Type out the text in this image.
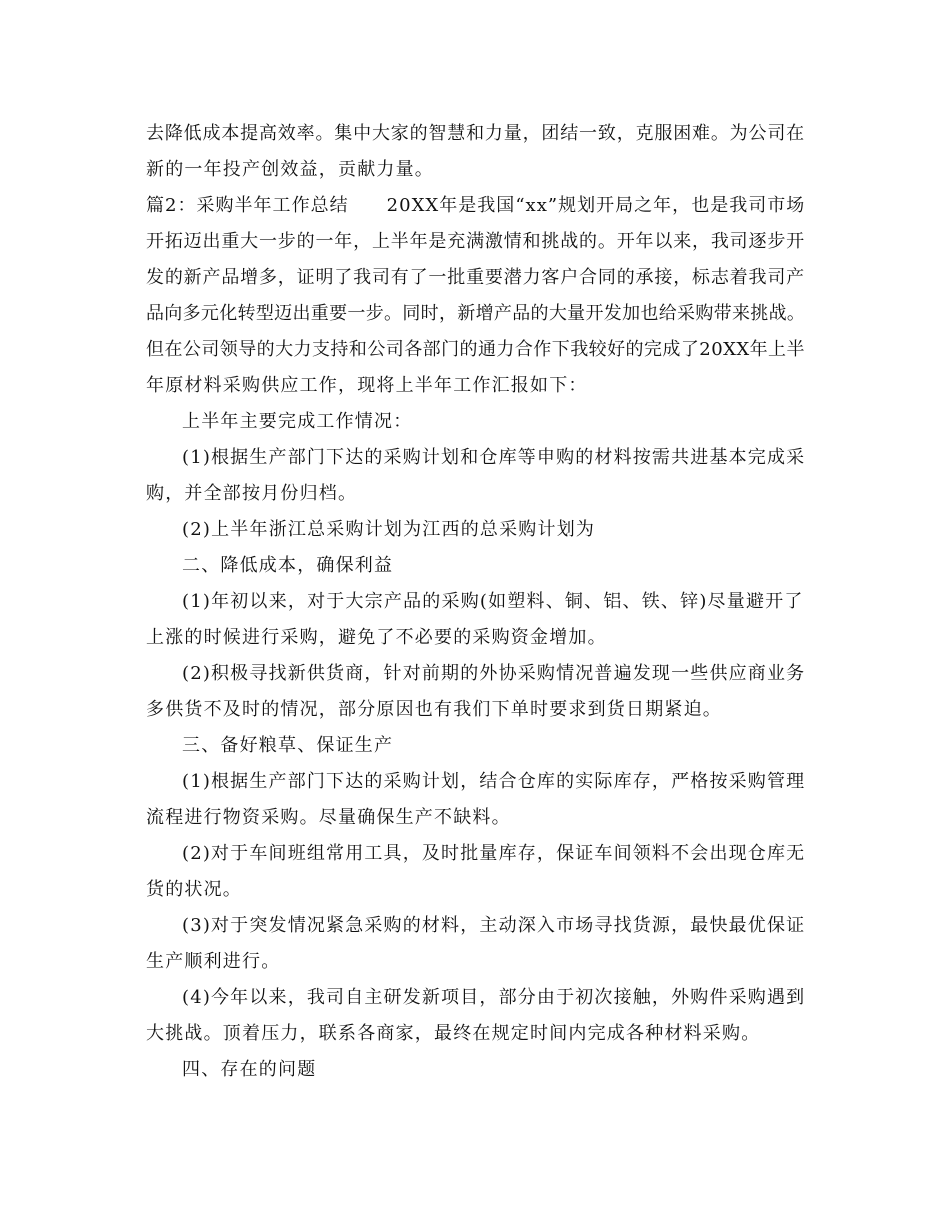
去降低成本提高效率。集中大家的智慧和力量，团结一致，克服困难。为公司在
新的一年投产创效益，贡献力量。
篇2：采购半年工作总结　　20XX年是我国“xx”规划开局之年，也是我司市场
开拓迈出重大一步的一年，上半年是充满激情和挑战的。开年以来，我司逐步开
发的新产品增多，证明了我司有了一批重要潜力客户合同的承接，标志着我司产
品向多元化转型迈出重要一步。同时，新增产品的大量开发加也给采购带来挑战。
但在公司领导的大力支持和公司各部门的通力合作下我较好的完成了20XX年上半
年原材料采购供应工作，现将上半年工作汇报如下：
上半年主要完成工作情况：
(1)根据生产部门下达的采购计划和仓库等申购的材料按需共进基本完成采
购，并全部按月份归档。
(2)上半年浙江总采购计划为江西的总采购计划为
二、降低成本，确保利益
(1)年初以来，对于大宗产品的采购(如塑料、铜、铝、铁、锌)尽量避开了
上涨的时候进行采购，避免了不必要的采购资金增加。
(2)积极寻找新供货商，针对前期的外协采购情况普遍发现一些供应商业务
多供货不及时的情况，部分原因也有我们下单时要求到货日期紧迫。
三、备好粮草、保证生产
(1)根据生产部门下达的采购计划，结合仓库的实际库存，严格按采购管理
流程进行物资采购。尽量确保生产不缺料。
(2)对于车间班组常用工具，及时批量库存，保证车间领料不会出现仓库无
货的状况。
(3)对于突发情况紧急采购的材料，主动深入市场寻找货源，最快最优保证
生产顺利进行。
(4)今年以来，我司自主研发新项目，部分由于初次接触，外购件采购遇到
大挑战。顶着压力，联系各商家，最终在规定时间内完成各种材料采购。
四、存在的问题
